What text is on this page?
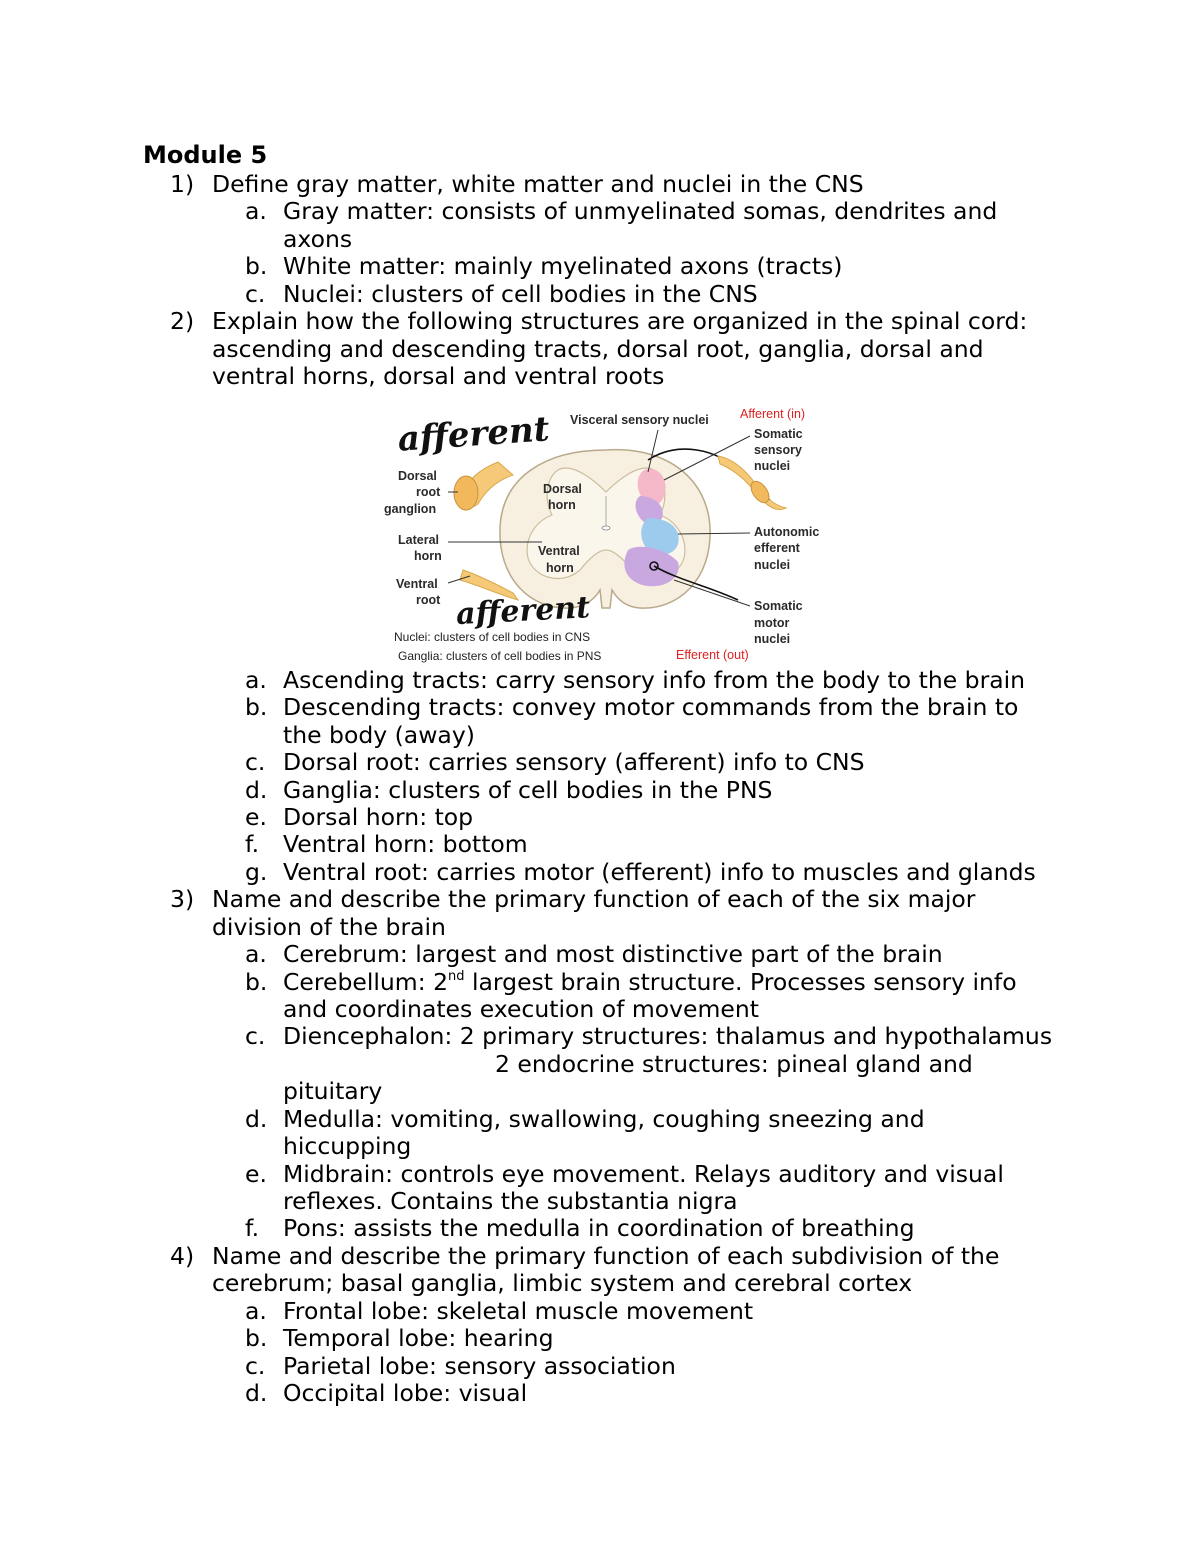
Module 5
1) Define gray matter, white matter and nuclei in the CNS
a. Gray matter: consists of unmyelinated somas, dendrites and
axons
b. White matter: mainly myelinated axons (tracts)
c. Nuclei: clusters of cell bodies in the CNS
2) Explain how the following structures are organized in the spinal cord:
ascending and descending tracts, dorsal root, ganglia, dorsal and
ventral horns, dorsal and ventral roots
afferent Visceral sensory nuclei	Afferent (in)
Somatic
sensory
nuclei
Dorsal
root
ganglion
Lateral
horn
Ventral
root
Dorsal
horn
Ventral
horn
Autonomic
efferent
nuclei
Somatic
motor
nuclei
afferent
Nuclei: clusters of cell bodies in CNS
Ganglia: clusters of cell bodies in PNS	Efferent (out)
a. Ascending tracts: carry sensory info from the body to the brain
b. Descending tracts: convey motor commands from the brain to
the body (away)
c. Dorsal root: carries sensory (afferent) info to CNS
d. Ganglia: clusters of cell bodies in the PNS
e. Dorsal horn: top
f. Ventral horn: bottom
g. Ventral root: carries motor (efferent) info to muscles and glands
3) Name and describe the primary function of each of the six major
division of the brain
a. Cerebrum: largest and most distinctive part of the brain
b. Cerebellum: 2nd largest brain structure. Processes sensory info
and coordinates execution of movement
c. Diencephalon: 2 primary structures: thalamus and hypothalamus
2 endocrine structures: pineal gland and
pituitary
d. Medulla: vomiting, swallowing, coughing sneezing and
hiccupping
e. Midbrain: controls eye movement. Relays auditory and visual
reflexes. Contains the substantia nigra
f. Pons: assists the medulla in coordination of breathing
4) Name and describe the primary function of each subdivision of the
cerebrum; basal ganglia, limbic system and cerebral cortex
a. Frontal lobe: skeletal muscle movement
b. Temporal lobe: hearing
c. Parietal lobe: sensory association
d. Occipital lobe: visual
